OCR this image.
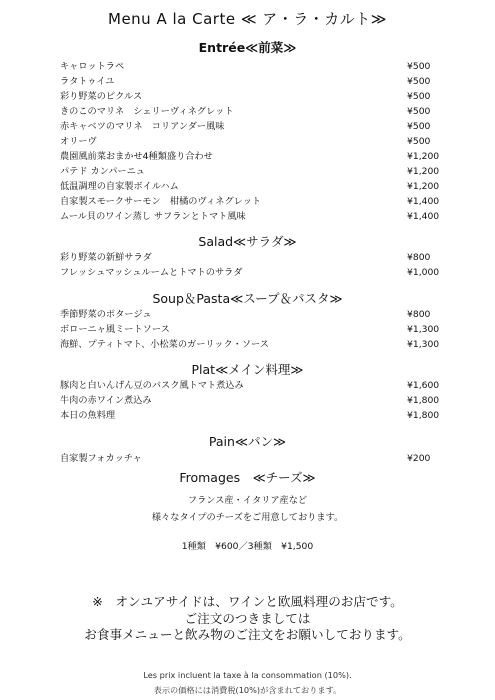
Menu A la Carte ≪ ア・ラ・カルト≫
Entrée≪前菜≫
キャロットラペ	¥500
ラタトゥイユ	¥500
彩り野菜のピクルス	¥500
きのこのマリネ　シェリーヴィネグレット	¥500
赤キャベツのマリネ　コリアンダー風味	¥500
オリーヴ	¥500
農園風前菜おまかせ4種類盛り合わせ	¥1,200
パテド カンパーニュ	¥1,200
低温調理の自家製ボイルハム	¥1,200
自家製スモークサーモン　柑橘のヴィネグレット	¥1,400
ムール貝のワイン蒸し サフランとトマト風味	¥1,400
Salad≪サラダ≫
彩り野菜の新鮮サラダ	¥800
フレッシュマッシュルームとトマトのサラダ	¥1,000
Soup＆Pasta≪スープ＆パスタ≫
季節野菜のポタージュ	¥800
ボローニャ風ミートソース	¥1,300
海鮮、プティトマト、小松菜のガーリック・ソース	¥1,300
Plat≪メイン料理≫
豚肉と白いんげん豆のバスク風トマト煮込み	¥1,600
牛肉の赤ワイン煮込み	¥1,800
本日の魚料理	¥1,800
Pain≪パン≫
自家製フォカッチャ	¥200
Fromages　≪チーズ≫
フランス産・イタリア産など
様々なタイプのチーズをご用意しております。
1種類　¥600／3種類　¥1,500
※　オンユアサイドは、ワインと欧風料理のお店です。
ご注文のつきましては
お食事メニューと飲み物のご注文をお願いしております。
Les prix incluent la taxe à la consommation (10%).
表示の価格には消費税(10%)が含まれております。
